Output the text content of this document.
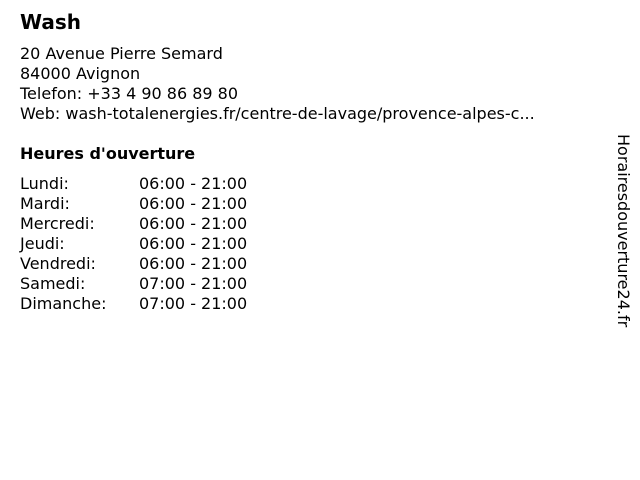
Wash
20 Avenue Pierre Semard
84000 Avignon
Telefon: +33 4 90 86 89 80
Web: wash-totalenergies.fr/centre-de-lavage/provence-alpes-c...
Heures d'ouverture
Lundi:	06:00 - 21:00
Mardi:	06:00 - 21:00
Mercredi:	06:00 - 21:00
Jeudi:	06:00 - 21:00
Vendredi:	06:00 - 21:00
Samedi:	07:00 - 21:00
Dimanche: 07:00 - 21:00	Horairesdouverture24.fr
